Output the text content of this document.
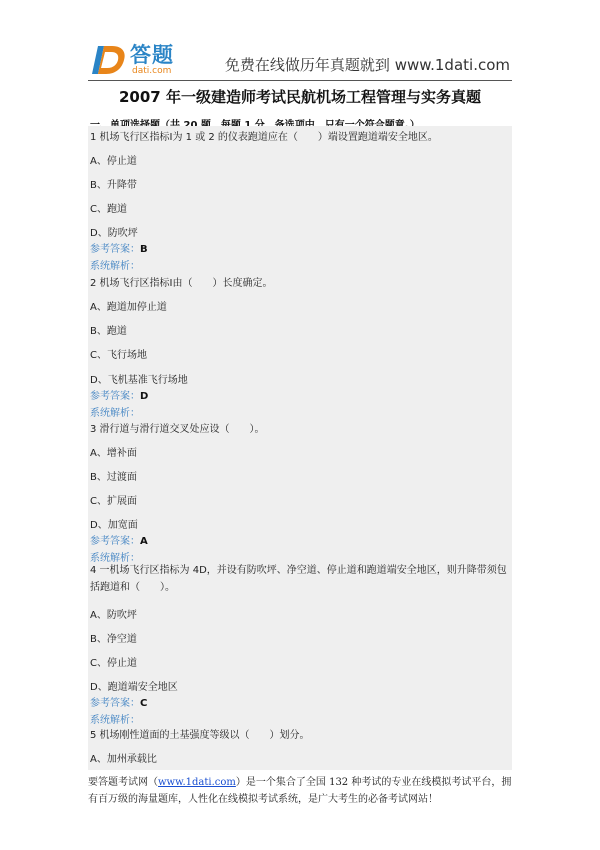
答题
dati.com	免费在线做历年真题就到 www.1dati.com
2007 年一级建造师考试民航机场工程管理与实务真题
1 机场飞行区指标Ⅰ为 1 或 2 的仪表跑道应在（　　）端设置跑道端安全地区。
A、停止道
B、升降带
C、跑道
D、防吹坪
参考答案：B
系统解析：
2 机场飞行区指标Ⅰ由（　　）长度确定。
A、跑道加停止道
B、跑道
C、飞行场地
D、飞机基准飞行场地
参考答案：D
系统解析：
3 滑行道与滑行道交叉处应设（　　）。
A、增补面
B、过渡面
C、扩展面
D、加宽面
参考答案：A
系统解析：
4 一机场飞行区指标为 4D，并设有防吹坪、净空道、停止道和跑道端安全地区，则升降带须包括跑道和（　　）。
A、防吹坪
B、净空道
C、停止道
D、跑道端安全地区
参考答案：C
系统解析：
5 机场刚性道面的土基强度等级以（　　）划分。
A、加州承载比
要答题考试网（www.1dati.com）是一个集合了全国 132 种考试的专业在线模拟考试平台，拥有百万级的海量题库，人性化在线模拟考试系统，是广大考生的必备考试网站！
